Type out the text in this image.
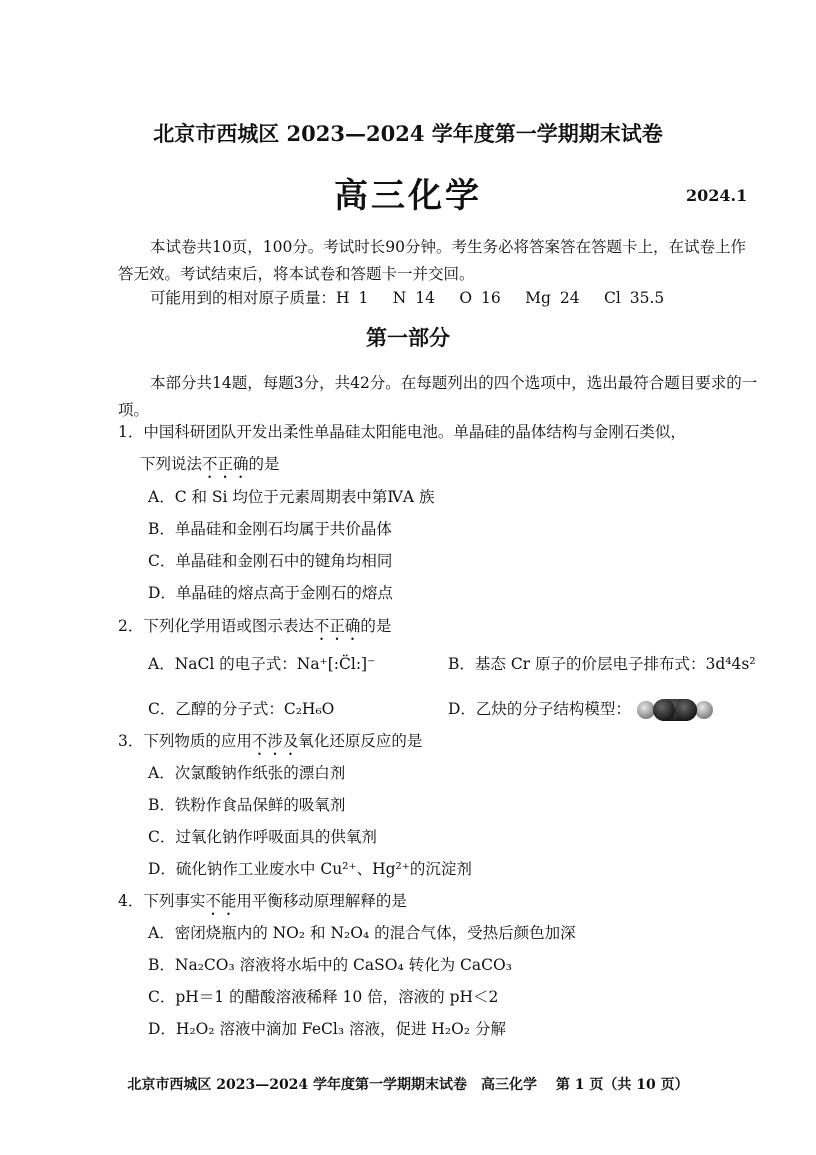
北京市西城区 2023—2024 学年度第一学期期末试卷
高三化学	2024.1
本试卷共10页，100分。考试时长90分钟。考生务必将答案答在答题卡上，在试卷上作答无效。考试结束后，将本试卷和答题卡一并交回。
可能用到的相对原子质量：H 1　 N 14　 O 16　 Mg 24　 Cl 35.5
第一部分
本部分共14题，每题3分，共42分。在每题列出的四个选项中，选出最符合题目要求的一项。
1．中国科研团队开发出柔性单晶硅太阳能电池。单晶硅的晶体结构与金刚石类似，
下列说法不正确的是
A．C 和 Si 均位于元素周期表中第ⅣA 族
B．单晶硅和金刚石均属于共价晶体
C．单晶硅和金刚石中的键角均相同
D．单晶硅的熔点高于金刚石的熔点
2．下列化学用语或图示表达不正确的是
A．NaCl 的电子式：Na⁺[:C̈l:]⁻	B．基态 Cr 原子的价层电子排布式：3d⁴4s²
C．乙醇的分子式：C₂H₆O	D．乙炔的分子结构模型：
3．下列物质的应用不涉及氧化还原反应的是
A．次氯酸钠作纸张的漂白剂
B．铁粉作食品保鲜的吸氧剂
C．过氧化钠作呼吸面具的供氧剂
D．硫化钠作工业废水中 Cu²⁺、Hg²⁺的沉淀剂
4．下列事实不能用平衡移动原理解释的是
A．密闭烧瓶内的 NO₂ 和 N₂O₄ 的混合气体，受热后颜色加深
B．Na₂CO₃ 溶液将水垢中的 CaSO₄ 转化为 CaCO₃
C．pH＝1 的醋酸溶液稀释 10 倍，溶液的 pH＜2
D．H₂O₂ 溶液中滴加 FeCl₃ 溶液，促进 H₂O₂ 分解
北京市西城区 2023—2024 学年度第一学期期末试卷　高三化学　 第 1 页（共 10 页）
